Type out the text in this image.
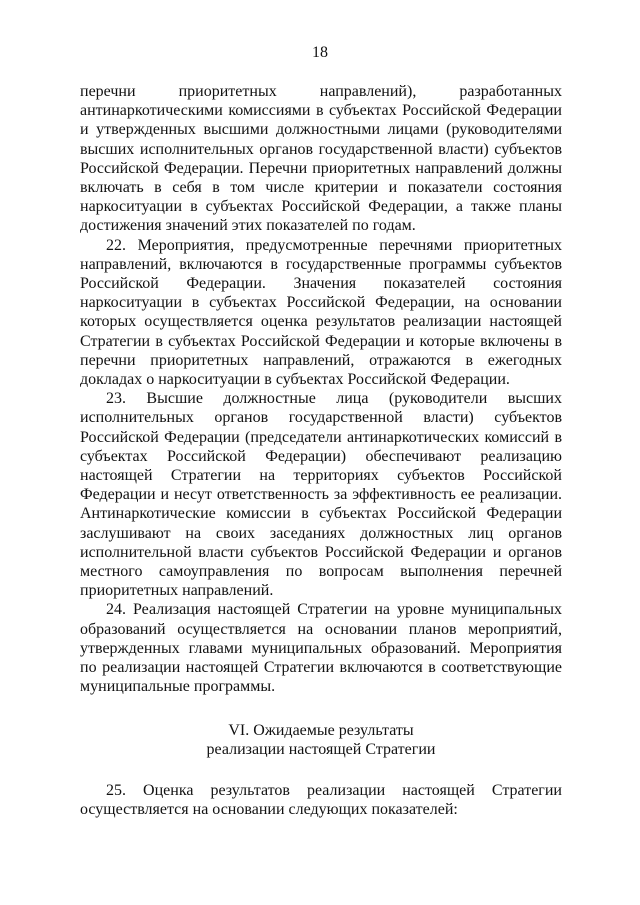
18

перечни приоритетных направлений), разработанных антинаркотическими комиссиями в субъектах Российской Федерации и утвержденных высшими должностными лицами (руководителями высших исполнительных органов государственной власти) субъектов Российской Федерации. Перечни приоритетных направлений должны включать в себя в том числе критерии и показатели состояния наркоситуации в субъектах Российской Федерации, а также планы достижения значений этих показателей по годам.

22. Мероприятия, предусмотренные перечнями приоритетных направлений, включаются в государственные программы субъектов Российской Федерации. Значения показателей состояния наркоситуации в субъектах Российской Федерации, на основании которых осуществляется оценка результатов реализации настоящей Стратегии в субъектах Российской Федерации и которые включены в перечни приоритетных направлений, отражаются в ежегодных докладах о наркоситуации в субъектах Российской Федерации.

23. Высшие должностные лица (руководители высших исполнительных органов государственной власти) субъектов Российской Федерации (председатели антинаркотических комиссий в субъектах Российской Федерации) обеспечивают реализацию настоящей Стратегии на территориях субъектов Российской Федерации и несут ответственность за эффективность ее реализации. Антинаркотические комиссии в субъектах Российской Федерации заслушивают на своих заседаниях должностных лиц органов исполнительной власти субъектов Российской Федерации и органов местного самоуправления по вопросам выполнения перечней приоритетных направлений.

24. Реализация настоящей Стратегии на уровне муниципальных образований осуществляется на основании планов мероприятий, утвержденных главами муниципальных образований. Мероприятия по реализации настоящей Стратегии включаются в соответствующие муниципальные программы.

VI. Ожидаемые результаты
реализации настоящей Стратегии

25. Оценка результатов реализации настоящей Стратегии осуществляется на основании следующих показателей:
